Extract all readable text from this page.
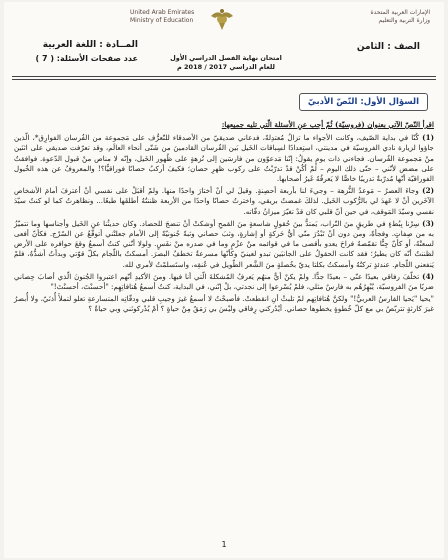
الإمارات العربية المتحدة
وزارة التربية والتعليم
United Arab Emirates
Ministry of Education
الصف : الثامن
المــادة : اللغة العربية
عدد صفحات الأسئلة: ( 7 )	امتحان نهاية الفصل الدراسي الأول
للعام الدراسي 2017 / 2018 م
السؤال الأول: النّصّ الأدبيّ
اقرأ النّصّ الآتي بعنوان (فروسيّة) ثُمّ أجِب عنِ الأسئلة الّتي تليه جميعها:
(1) كُنّا في بداية الصّيف، وكانت الأجواء ما تزالُ مُعتدِلةً، فدعاني صديقيّ من الأصدقاء للتّعرُّف على مَجموعة من الفُرسان الفوارِق*، الّذين جاؤوا لزيارة نادي الفروسيّة في مدينتي، استِعدادًا لسِباقات الخَيل بَين الفُرسان القادمينَ من شَتّى أنحاء العالَم، وقد تعرّفت صديقي على اثنَين منْ مَجموعة الفُرسان. فجاءني ذات يومٍ يقولُ: إنّنا مَدعوّون من فارسَين إلى نُزهةٍ على ظُهور الخَيل، وإنّه لا مناص منْ قبول الدّعوة. فوافقتُ على مضض لأنّني – حتّى ذلك اليوم – لمْ أكُنْ قدْ تدرّبْتُ على ركوب ظهرِ حصان؛ فكيفَ أركبُ حصانًا فوراقيًّا؟! والمعروفُ عن هذه الخُيول الفوراقيّة أنّها مُدرّبةٌ تدريبًا خاصًّا لا يَعرفُهُ غَيرُ أصحابها.
(2) وجاءَ العصرُ – مَوعدُ النُّزهة – وجيءَ لنا بأربعة أحصِنةٍ. وقيلَ لي أنْ أختارَ واحدًا منها. ولمْ أقبَلْ على نفسي أنْ أعترفَ أمامَ الأشخاص الآخَرين أنْ لا عَهدَ لي بالرُّكوب الخَيل. لذلكَ غمضتُ بريقي، واخترتُ حصانًا واحدًا من الأربعة ظننتُهُ أطلقَها طبعًا... ونظاهرتُ كما لو كنتُ سيّدَ نفسي وسيّدَ المَوقف، في حين أنّ قلبي كان قدْ تغيّرَ ميزانُ دقّاته.
(3) سِرْنا بِبُطءٍ في طريقٍ منَ التّراب، يَمتدُّ بينَ حُقولٍ شاسعةٍ منَ القمحِ أوشكتْ أنْ تنضجَ للحصاد. وكان حديثُنا عنِ الخَيل وأجناسها وما تتميّزُ به من صِفاتٍ. وفجأةً، ومن دون أنْ تَبْدُرَ منّي أيُّ حَركةٍ أو إشارةٍ، وثبَ حصاني وثبةً جُنونيّةً إلى الأمام جعلتْني أتوقّعُ عن السّرْج. فكأنّ أفعى لسعتْهُ، أو كأنّ جِنًّا تقمّصهُ فراحَ يعدو بأقصى ما في قوائمه منْ عزْمٍ وما في صدره منْ نفَسٍ. ولولا أنّني كنتُ أسمعُ وقعَ حوافره على الأرض لظننتُ أنّه كان يطيرُ؛ فقد كانت الحقولُ على الجانبَين تبدو لعينيّ وكأنّها مسرعةٌ تخطفُ البصرَ. أمسكتُ باللّجام بكلّ قوّتي وبدأتُ أشدُّهُ، فلمْ يَنفعني اللّجام. عندئذٍ تركتُهُ وأمسكتُ بكلتا يديّ بخُصلةٍ منَ الشَّعر الطّويل في عُنقِه، واستَسلمْتُ لأمري لله.
(4) تخلّفَ رفاقي بعيدًا عنّي – بعيدًا جدًّا. ولمْ يكنْ أيٌّ منهُم يَعرفُ المُشكلةَ الّتي أنا فيها. ومنَ الأكيدِ أنّهم اعتبروا الجُنونَ الّذي أصابَ حِصاني ضربًا منَ الفروسيّة، يُبْهِرُهُم به فارسٌ مثلي، فلمْ يُسْرعوا إلى نجدتي، بلْ إنّني، في البداية، كنتُ أسمعُ هُتافاتِهِم: "أحسنْتَ، أحسنْتَ!"
"يحيا "يَحيا الفارسُ العربيُّ!" ولكنَّ هُتافاتِهم لمْ تلبثْ أنِ انقطعتْ. فأصبحْتُ لا أسمعُ غيرَ وجيبِ قلبي ودقّاتِه المتسارعةِ تعلو لتملأَ أُذنَيّ، ولا أُبصرُ غيرَ كارثةٍ تتربّصُ بي مع كلّ خُطوةٍ يخطوها حصاني. أيْدُركني رِفاقي وليْسَ بي رَمَقٌ مِنْ حياةٍ ؟ أمْ يُدْركونَني وبي حياةٌ ؟
1
